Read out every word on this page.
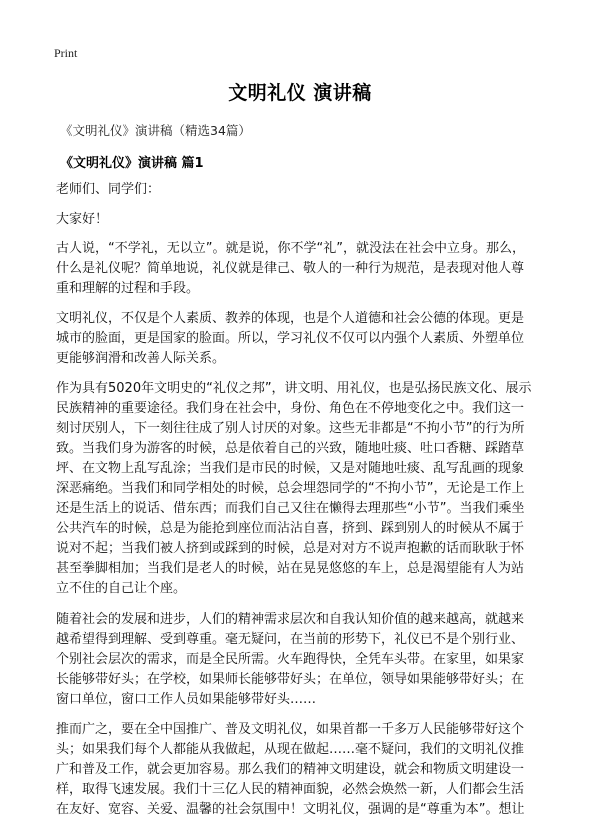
Print
文明礼仪 演讲稿
《文明礼仪》演讲稿（精选34篇）
《文明礼仪》演讲稿 篇1
老师们、同学们：
大家好！
古人说，“不学礼，无以立”。就是说，你不学“礼”，就没法在社会中立身。那么，
什么是礼仪呢？简单地说，礼仪就是律己、敬人的一种行为规范，是表现对他人尊
重和理解的过程和手段。
文明礼仪，不仅是个人素质、教养的体现，也是个人道德和社会公德的体现。更是
城市的脸面，更是国家的脸面。所以，学习礼仪不仅可以内强个人素质、外塑单位
更能够润滑和改善人际关系。
作为具有5020年文明史的“礼仪之邦”，讲文明、用礼仪，也是弘扬民族文化、展示
民族精神的重要途径。我们身在社会中，身份、角色在不停地变化之中。我们这一
刻讨厌别人，下一刻往往成了别人讨厌的对象。这些无非都是“不拘小节”的行为所
致。当我们身为游客的时候，总是依着自己的兴致，随地吐痰、吐口香糖、踩踏草
坪、在文物上乱写乱涂；当我们是市民的时候，又是对随地吐痰、乱写乱画的现象
深恶痛绝。当我们和同学相处的时候，总会埋怨同学的“不拘小节”，无论是工作上
还是生活上的说话、借东西；而我们自己又往在懒得去理那些“小节”。当我们乘坐
公共汽车的时候，总是为能抢到座位而沾沾自喜，挤到、踩到别人的时候从不属于
说对不起；当我们被人挤到或踩到的时候，总是对对方不说声抱歉的话而耿耿于怀
甚至拳脚相加；当我们是老人的时候，站在晃晃悠悠的车上，总是渴望能有人为站
立不住的自己让个座。
随着社会的发展和进步，人们的精神需求层次和自我认知价值的越来越高，就越来
越希望得到理解、受到尊重。毫无疑问，在当前的形势下，礼仪已不是个别行业、
个别社会层次的需求，而是全民所需。火车跑得快，全凭车头带。在家里，如果家
长能够带好头；在学校，如果师长能够带好头；在单位，领导如果能够带好头；在
窗口单位，窗口工作人员如果能够带好头……
推而广之，要在全中国推广、普及文明礼仪，如果首都一千多万人民能够带好这个
头；如果我们每个人都能从我做起，从现在做起……毫不疑问，我们的文明礼仪推
广和普及工作，就会更加容易。那么我们的精神文明建设，就会和物质文明建设一
样，取得飞速发展。我们十三亿人民的精神面貌，必然会焕然一新，人们都会生活
在友好、宽容、关爱、温馨的社会氛围中！文明礼仪，强调的是“尊重为本”。想让
